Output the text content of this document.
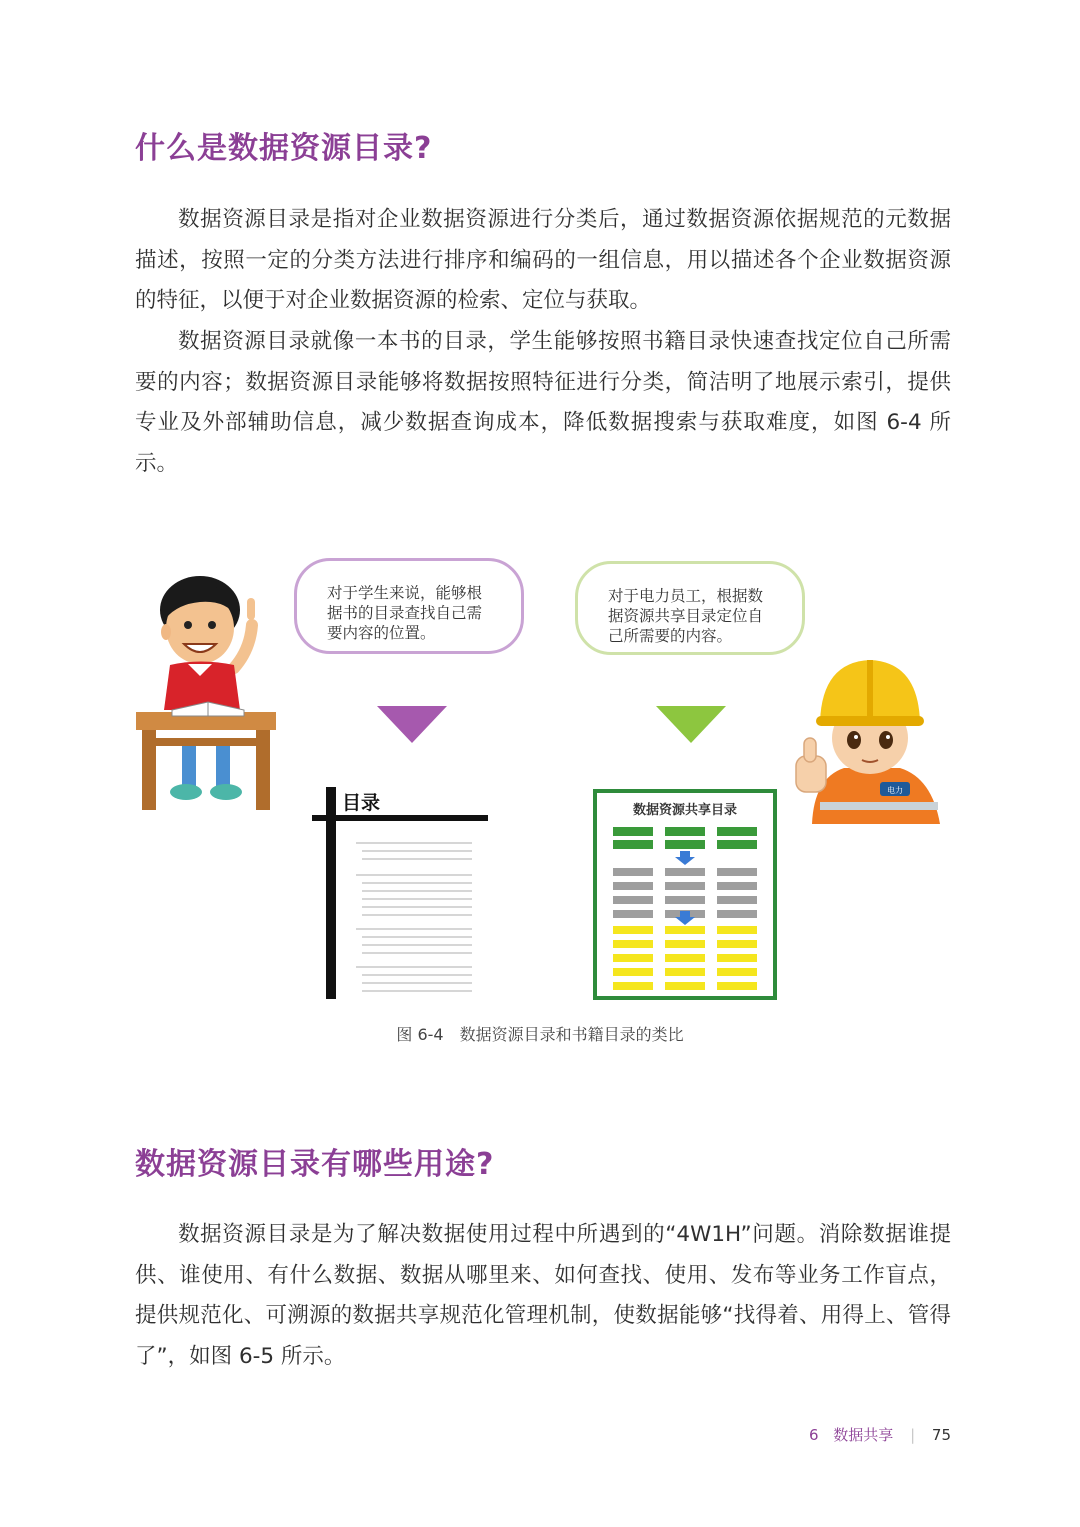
什么是数据资源目录?

数据资源目录是指对企业数据资源进行分类后，通过数据资源依据规范的元数据描述，按照一定的分类方法进行排序和编码的一组信息，用以描述各个企业数据资源的特征，以便于对企业数据资源的检索、定位与获取。

数据资源目录就像一本书的目录，学生能够按照书籍目录快速查找定位自己所需要的内容；数据资源目录能够将数据按照特征进行分类，简洁明了地展示索引，提供专业及外部辅助信息，减少数据查询成本，降低数据搜索与获取难度，如图 6-4 所示。

对于学生来说，能够根据书的目录查找自己需要内容的位置。
对于电力员工，根据数据资源共享目录定位自己所需要的内容。
电力
目录	数据资源共享目录

图 6-4　数据资源目录和书籍目录的类比

数据资源目录有哪些用途?

数据资源目录是为了解决数据使用过程中所遇到的“4W1H”问题。消除数据谁提供、谁使用、有什么数据、数据从哪里来、如何查找、使用、发布等业务工作盲点，提供规范化、可溯源的数据共享规范化管理机制，使数据能够“找得着、用得上、管得了”，如图 6-5 所示。

6 数据共享 | 75
